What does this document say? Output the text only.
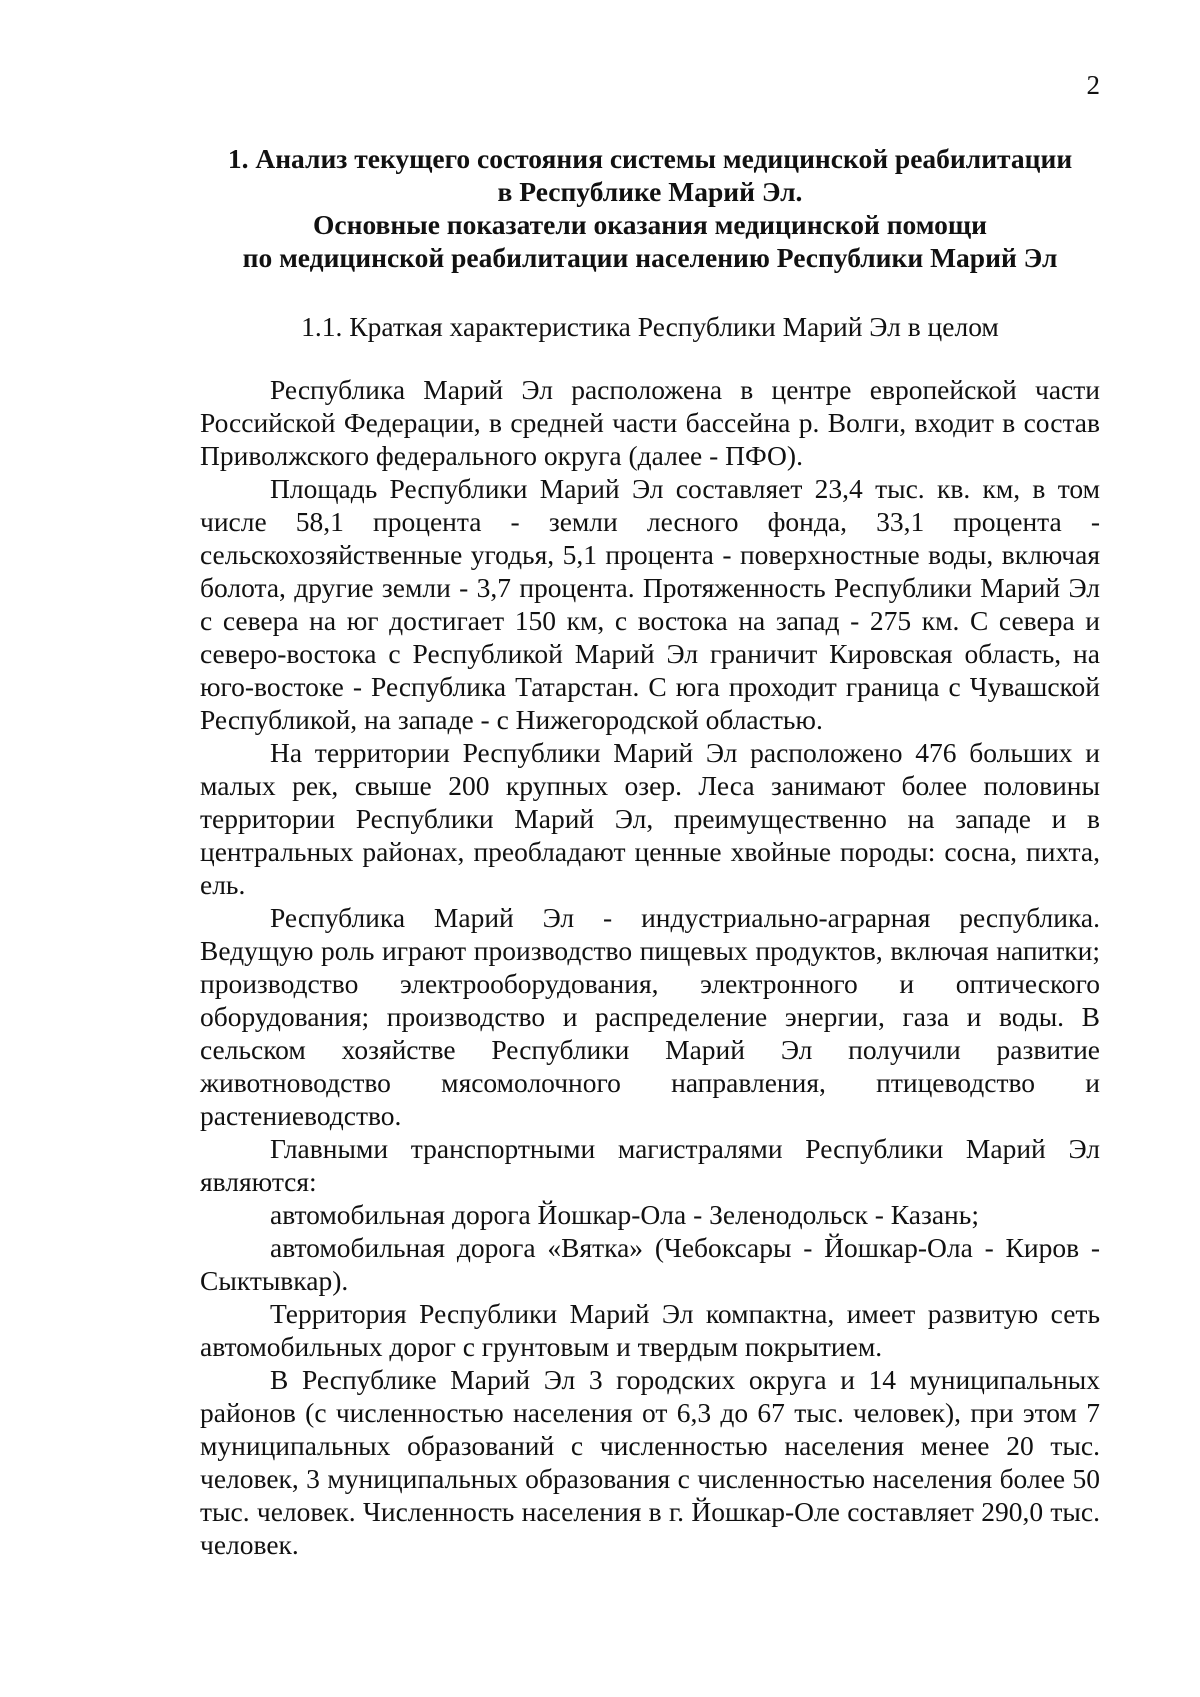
2
1. Анализ текущего состояния системы медицинской реабилитации
в Республике Марий Эл.
Основные показатели оказания медицинской помощи
по медицинской реабилитации населению Республики Марий Эл
1.1. Краткая характеристика Республики Марий Эл в целом

Республика Марий Эл расположена в центре европейской части Российской Федерации, в средней части бассейна р. Волги, входит в состав Приволжского федерального округа (далее - ПФО).

Площадь Республики Марий Эл составляет 23,4 тыс. кв. км, в том числе 58,1 процента - земли лесного фонда, 33,1 процента - сельскохозяйственные угодья, 5,1 процента - поверхностные воды, включая болота, другие земли - 3,7 процента. Протяженность Республики Марий Эл с севера на юг достигает 150 км, с востока на запад - 275 км. С севера и северо-востока с Республикой Марий Эл граничит Кировская область, на юго-востоке - Республика Татарстан. С юга проходит граница с Чувашской Республикой, на западе - с Нижегородской областью.

На территории Республики Марий Эл расположено 476 больших и малых рек, свыше 200 крупных озер. Леса занимают более половины территории Республики Марий Эл, преимущественно на западе и в центральных районах, преобладают ценные хвойные породы: сосна, пихта, ель.

Республика Марий Эл - индустриально-аграрная республика. Ведущую роль играют производство пищевых продуктов, включая напитки; производство электрооборудования, электронного и оптического оборудования; производство и распределение энергии, газа и воды. В сельском хозяйстве Республики Марий Эл получили развитие животноводство мясомолочного направления, птицеводство и растениеводство.

Главными транспортными магистралями Республики Марий Эл являются:

автомобильная дорога Йошкар-Ола - Зеленодольск - Казань;

автомобильная дорога «Вятка» (Чебоксары - Йошкар-Ола - Киров - Сыктывкар).

Территория Республики Марий Эл компактна, имеет развитую сеть автомобильных дорог с грунтовым и твердым покрытием.

В Республике Марий Эл 3 городских округа и 14 муниципальных районов (с численностью населения от 6,3 до 67 тыс. человек), при этом 7 муниципальных образований с численностью населения менее 20 тыс. человек, 3 муниципальных образования с численностью населения более 50 тыс. человек. Численность населения в г. Йошкар-Оле составляет 290,0 тыс. человек.
